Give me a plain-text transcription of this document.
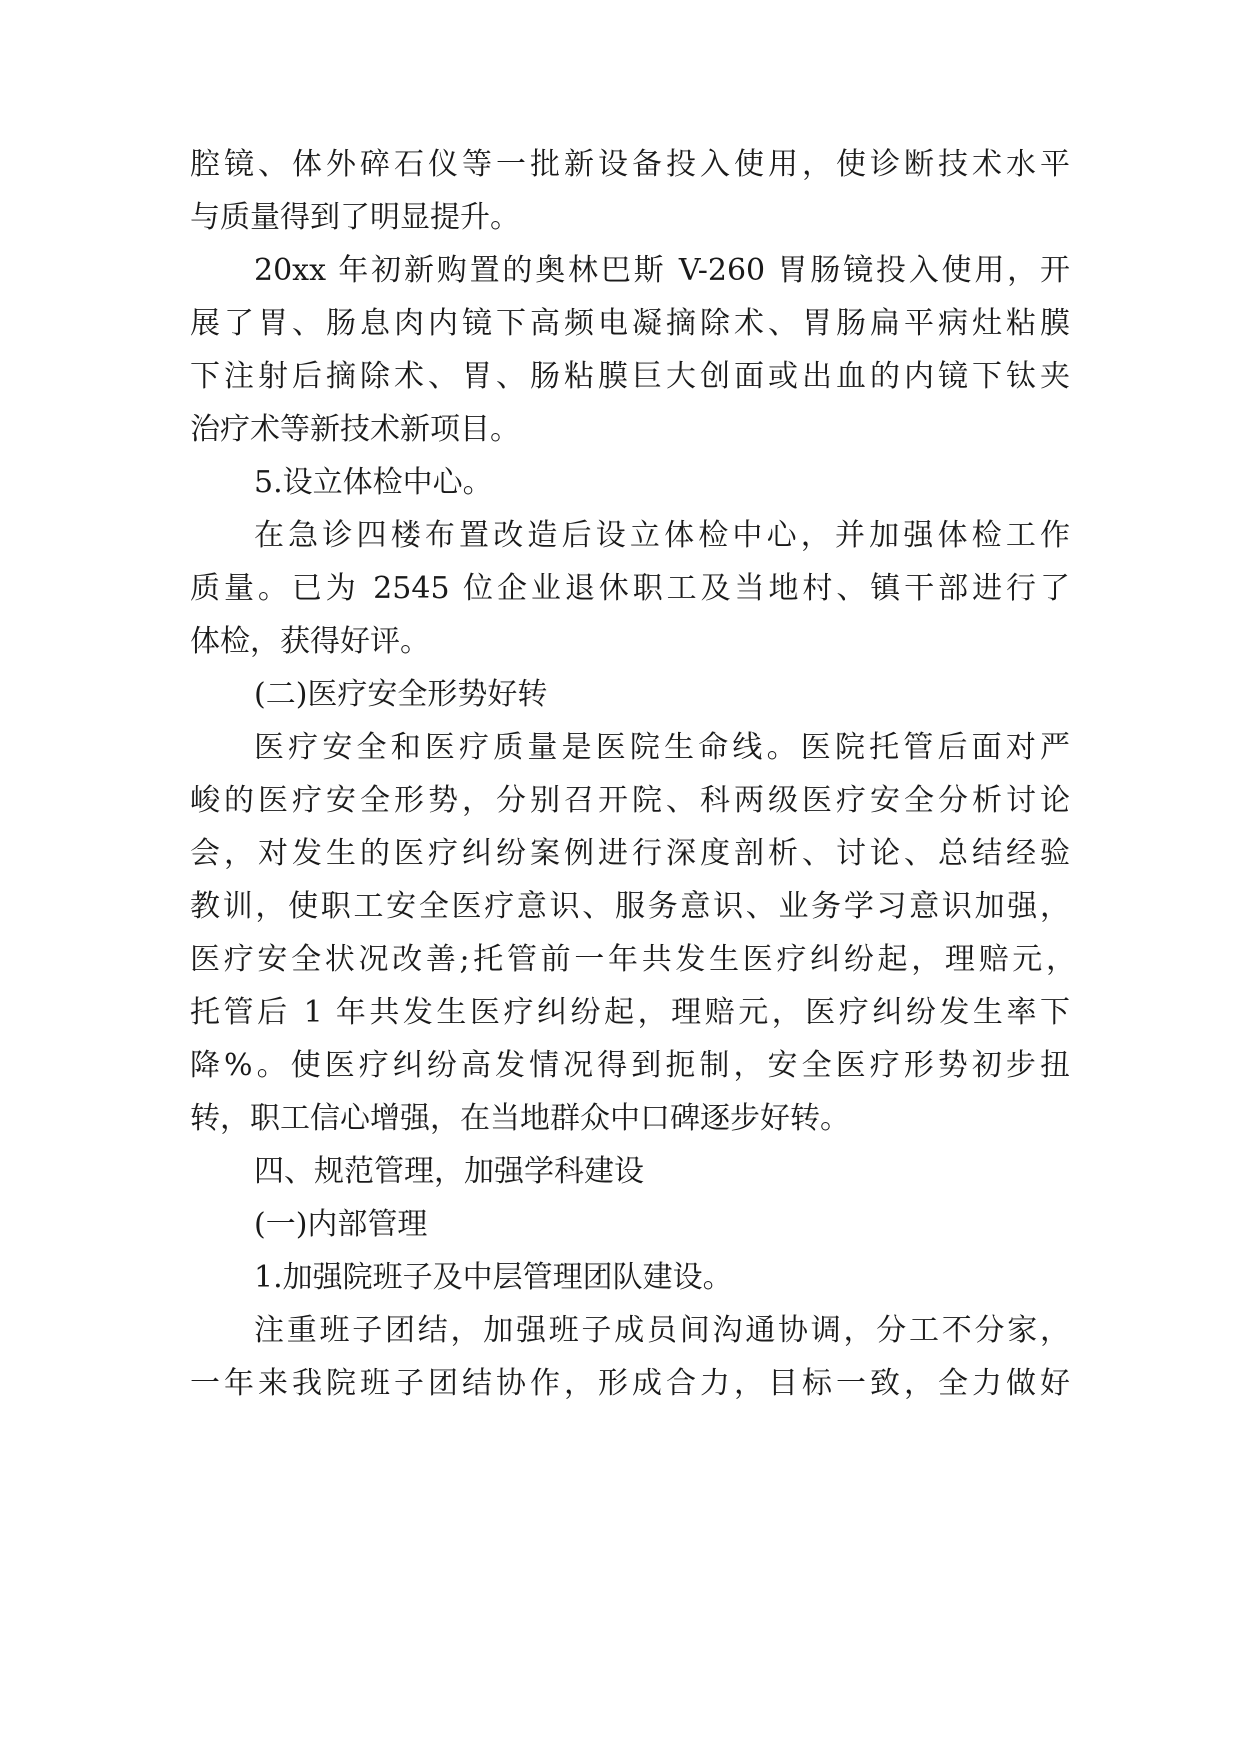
腔镜、体外碎石仪等一批新设备投入使用，使诊断技术水平
与质量得到了明显提升。
20xx 年初新购置的奥林巴斯 V-260 胃肠镜投入使用，开
展了胃、肠息肉内镜下高频电凝摘除术、胃肠扁平病灶粘膜
下注射后摘除术、胃、肠粘膜巨大创面或出血的内镜下钛夹
治疗术等新技术新项目。
5.设立体检中心。
在急诊四楼布置改造后设立体检中心，并加强体检工作
质量。已为 2545 位企业退休职工及当地村、镇干部进行了
体检，获得好评。
(二)医疗安全形势好转
医疗安全和医疗质量是医院生命线。医院托管后面对严
峻的医疗安全形势，分别召开院、科两级医疗安全分析讨论
会，对发生的医疗纠纷案例进行深度剖析、讨论、总结经验
教训，使职工安全医疗意识、服务意识、业务学习意识加强，
医疗安全状况改善;托管前一年共发生医疗纠纷起，理赔元，
托管后 1 年共发生医疗纠纷起，理赔元，医疗纠纷发生率下
降%。使医疗纠纷高发情况得到扼制，安全医疗形势初步扭
转，职工信心增强，在当地群众中口碑逐步好转。
四、规范管理，加强学科建设
(一)内部管理
1.加强院班子及中层管理团队建设。
注重班子团结，加强班子成员间沟通协调，分工不分家，
一年来我院班子团结协作，形成合力，目标一致，全力做好
